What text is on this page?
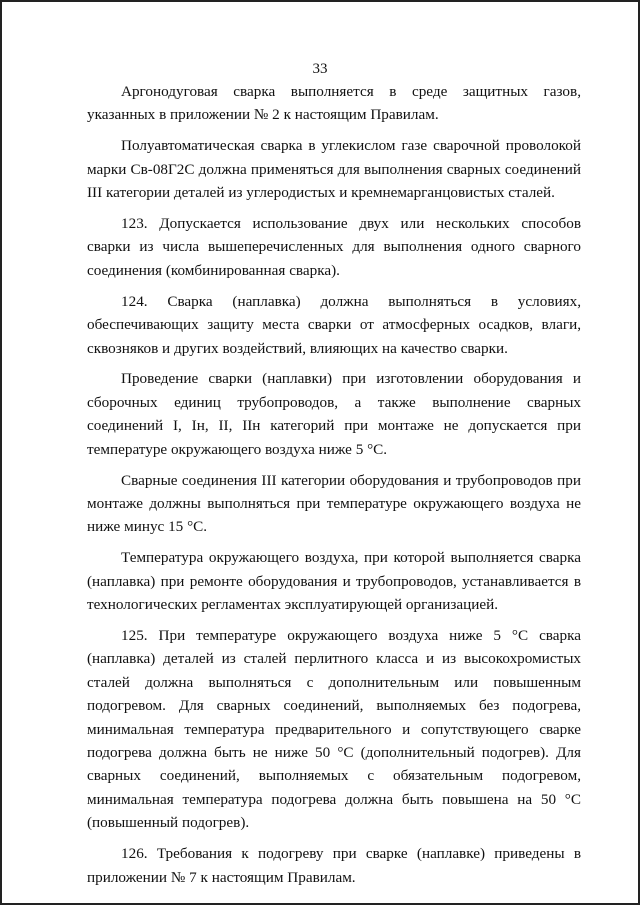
33

Аргонодуговая сварка выполняется в среде защитных газов, указанных в приложении № 2 к настоящим Правилам.

Полуавтоматическая сварка в углекислом газе сварочной проволокой марки Св-08Г2С должна применяться для выполнения сварных соединений III категории деталей из углеродистых и кремнемарганцовистых сталей.

123. Допускается использование двух или нескольких способов сварки из числа вышеперечисленных для выполнения одного сварного соединения (комбинированная сварка).

124. Сварка (наплавка) должна выполняться в условиях, обеспечивающих защиту места сварки от атмосферных осадков, влаги, сквозняков и других воздействий, влияющих на качество сварки.

Проведение сварки (наплавки) при изготовлении оборудования и сборочных единиц трубопроводов, а также выполнение сварных соединений I, Iн, II, IIн категорий при монтаже не допускается при температуре окружающего воздуха ниже 5 °С.

Сварные соединения III категории оборудования и трубопроводов при монтаже должны выполняться при температуре окружающего воздуха не ниже минус 15 °С.

Температура окружающего воздуха, при которой выполняется сварка (наплавка) при ремонте оборудования и трубопроводов, устанавливается в технологических регламентах эксплуатирующей организацией.

125. При температуре окружающего воздуха ниже 5 °С сварка (наплавка) деталей из сталей перлитного класса и из высокохромистых сталей должна выполняться с дополнительным или повышенным подогревом. Для сварных соединений, выполняемых без подогрева, минимальная температура предварительного и сопутствующего сварке подогрева должна быть не ниже 50 °С (дополнительный подогрев). Для сварных соединений, выполняемых с обязательным подогревом, минимальная температура подогрева должна быть повышена на 50 °С (повышенный подогрев).

126. Требования к подогреву при сварке (наплавке) приведены в приложении № 7 к настоящим Правилам.
